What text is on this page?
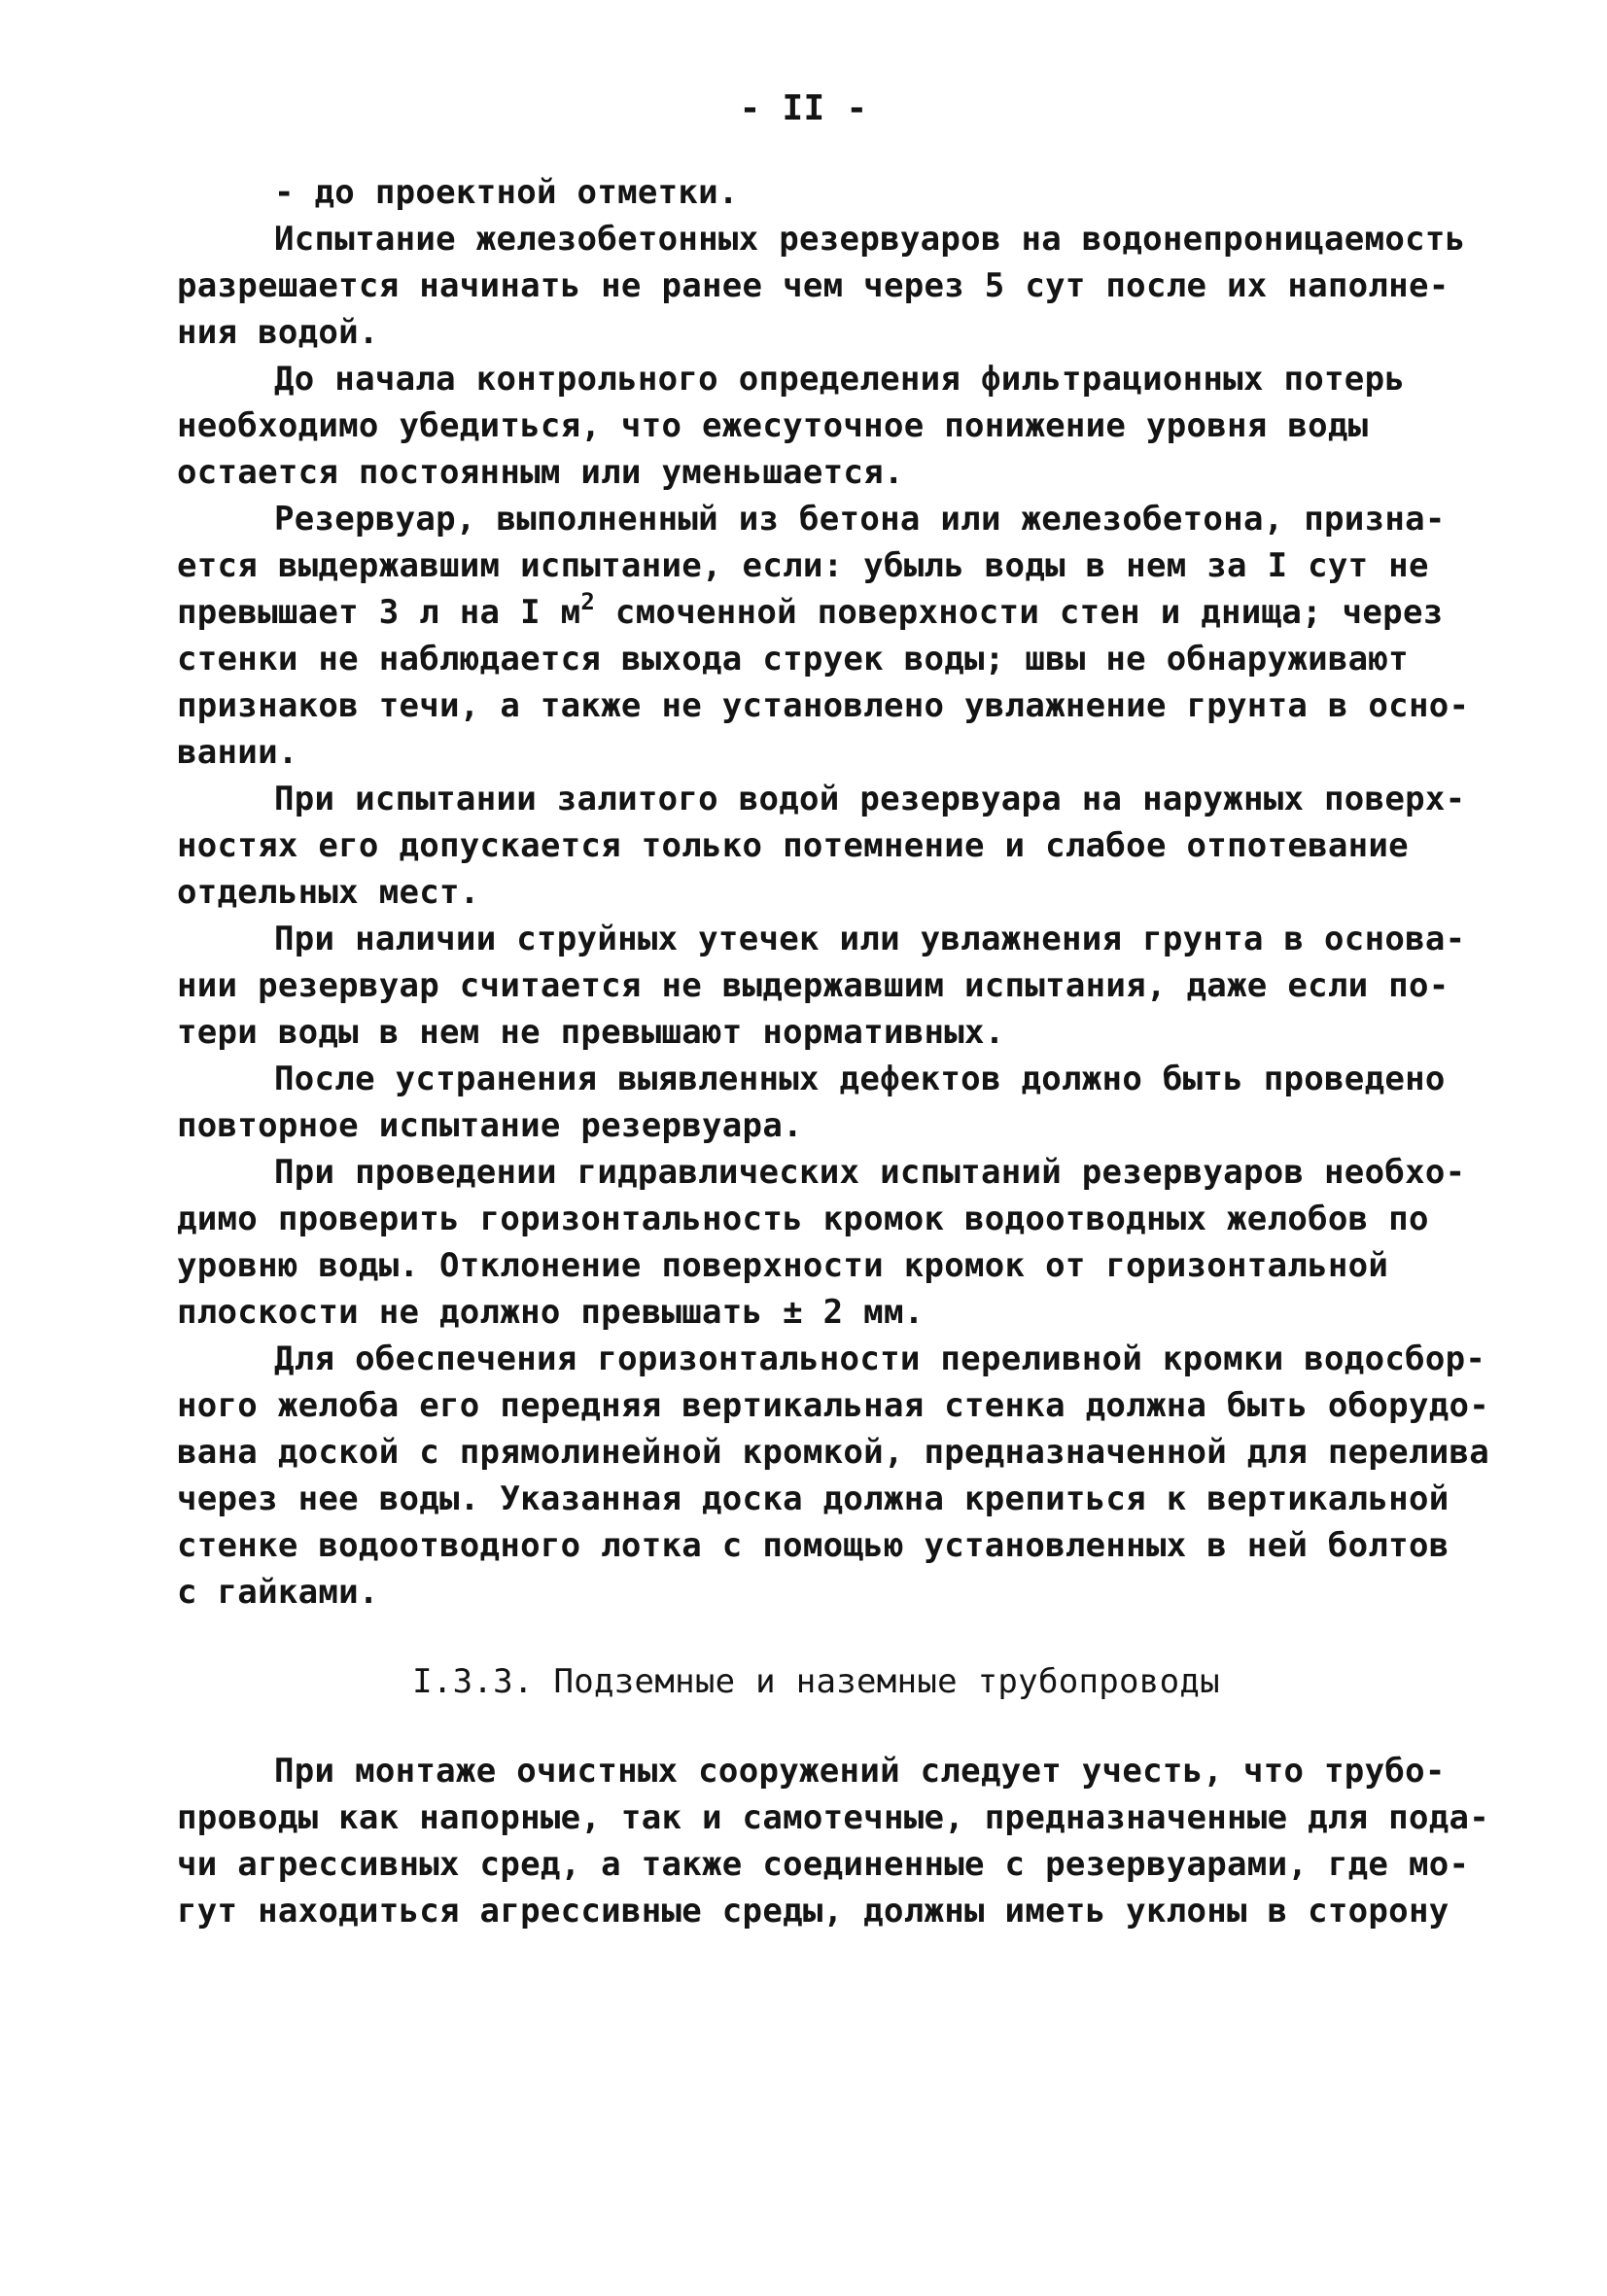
- II -
- до проектной отметки.
Испытание железобетонных резервуаров на водонепроницаемость
разрешается начинать не ранее чем через 5 сут после их наполне-
ния водой.
До начала контрольного определения фильтрационных потерь
необходимо убедиться, что ежесуточное понижение уровня воды
остается постоянным или уменьшается.
Резервуар, выполненный из бетона или железобетона, призна-
ется выдержавшим испытание, если: убыль воды в нем за I сут не
превышает 3 л на I $м^2$ смоченной поверхности стен и днища; через
стенки не наблюдается выхода струек воды; швы не обнаруживают
признаков течи, а также не установлено увлажнение грунта в осно-
вании.
При испытании залитого водой резервуара на наружных поверх-
ностях его допускается только потемнение и слабое отпотевание
отдельных мест.
При наличии струйных утечек или увлажнения грунта в основа-
нии резервуар считается не выдержавшим испытания, даже если по-
тери воды в нем не превышают нормативных.
После устранения выявленных дефектов должно быть проведено
повторное испытание резервуара.
При проведении гидравлических испытаний резервуаров необхо-
димо проверить горизонтальность кромок водоотводных желобов по
уровню воды. Отклонение поверхности кромок от горизонтальной
плоскости не должно превышать ± 2 мм.
Для обеспечения горизонтальности переливной кромки водосбор-
ного желоба его передняя вертикальная стенка должна быть оборудо-
вана доской с прямолинейной кромкой, предназначенной для перелива
через нее воды. Указанная доска должна крепиться к вертикальной
стенке водоотводного лотка с помощью установленных в ней болтов
с гайками.
I.3.3. Подземные и наземные трубопроводы
При монтаже очистных сооружений следует учесть, что трубо-
проводы как напорные, так и самотечные, предназначенные для пода-
чи агрессивных сред, а также соединенные с резервуарами, где мо-
гут находиться агрессивные среды, должны иметь уклоны в сторону
